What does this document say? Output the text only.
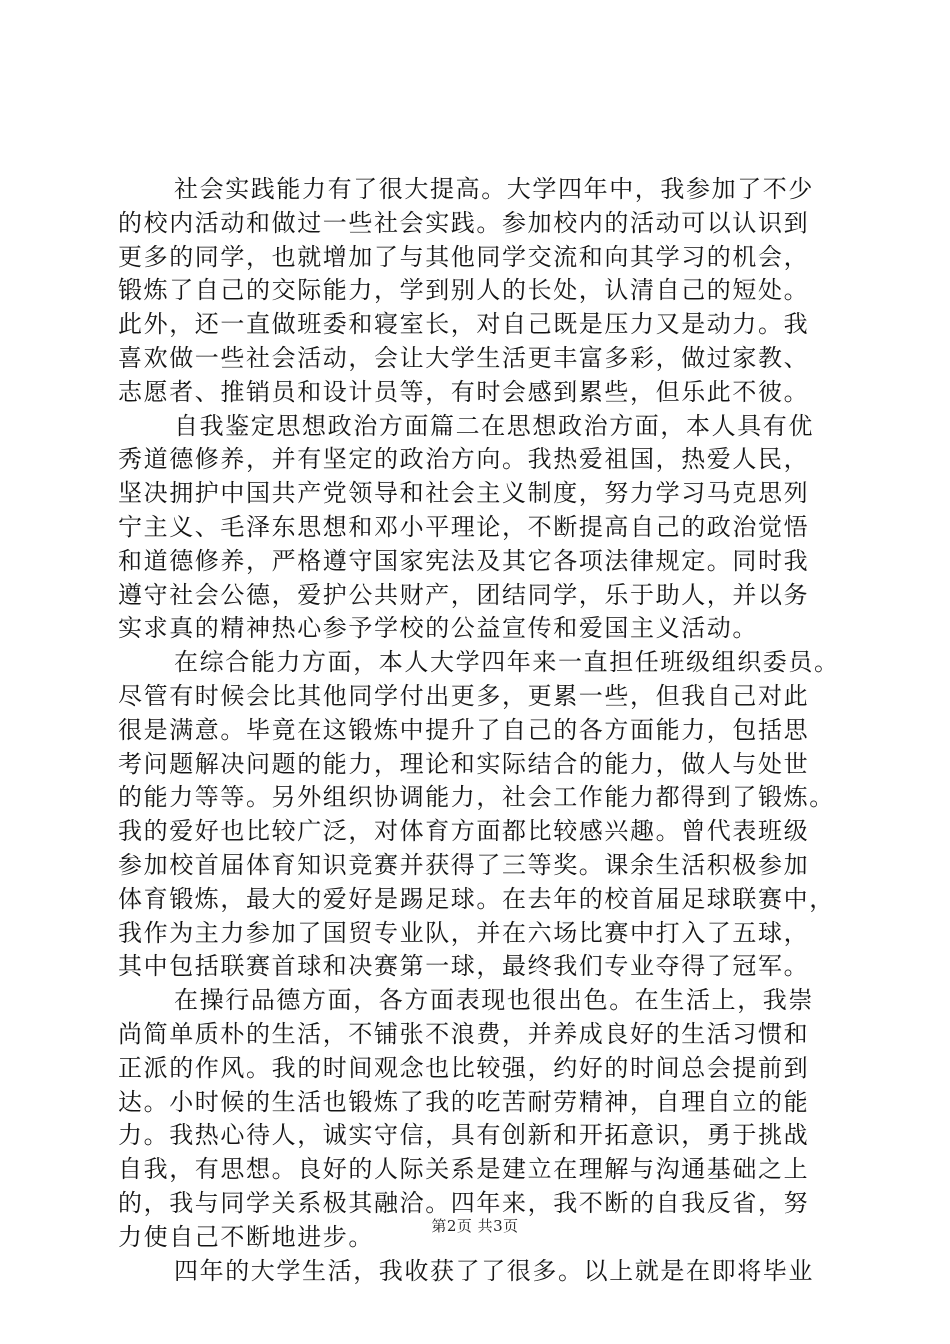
社会实践能力有了很大提高。大学四年中，我参加了不少
的校内活动和做过一些社会实践。参加校内的活动可以认识到
更多的同学，也就增加了与其他同学交流和向其学习的机会，
锻炼了自己的交际能力，学到别人的长处，认清自己的短处。
此外，还一直做班委和寝室长，对自己既是压力又是动力。我
喜欢做一些社会活动，会让大学生活更丰富多彩，做过家教、
志愿者、推销员和设计员等，有时会感到累些，但乐此不彼。
自我鉴定思想政治方面篇二在思想政治方面，本人具有优
秀道德修养，并有坚定的政治方向。我热爱祖国，热爱人民，
坚决拥护中国共产党领导和社会主义制度，努力学习马克思列
宁主义、毛泽东思想和邓小平理论，不断提高自己的政治觉悟
和道德修养，严格遵守国家宪法及其它各项法律规定。同时我
遵守社会公德，爱护公共财产，团结同学，乐于助人，并以务
实求真的精神热心参予学校的公益宣传和爱国主义活动。
在综合能力方面，本人大学四年来一直担任班级组织委员。
尽管有时候会比其他同学付出更多，更累一些，但我自己对此
很是满意。毕竟在这锻炼中提升了自己的各方面能力，包括思
考问题解决问题的能力，理论和实际结合的能力，做人与处世
的能力等等。另外组织协调能力，社会工作能力都得到了锻炼。
我的爱好也比较广泛，对体育方面都比较感兴趣。曾代表班级
参加校首届体育知识竞赛并获得了三等奖。课余生活积极参加
体育锻炼，最大的爱好是踢足球。在去年的校首届足球联赛中，
我作为主力参加了国贸专业队，并在六场比赛中打入了五球，
其中包括联赛首球和决赛第一球，最终我们专业夺得了冠军。
在操行品德方面，各方面表现也很出色。在生活上，我崇
尚简单质朴的生活，不铺张不浪费，并养成良好的生活习惯和
正派的作风。我的时间观念也比较强，约好的时间总会提前到
达。小时候的生活也锻炼了我的吃苦耐劳精神，自理自立的能
力。我热心待人，诚实守信，具有创新和开拓意识，勇于挑战
自我，有思想。良好的人际关系是建立在理解与沟通基础之上
的，我与同学关系极其融洽。四年来，我不断的自我反省，努
力使自己不断地进步。
四年的大学生活，我收获了了很多。以上就是在即将毕业
第2页 共3页
